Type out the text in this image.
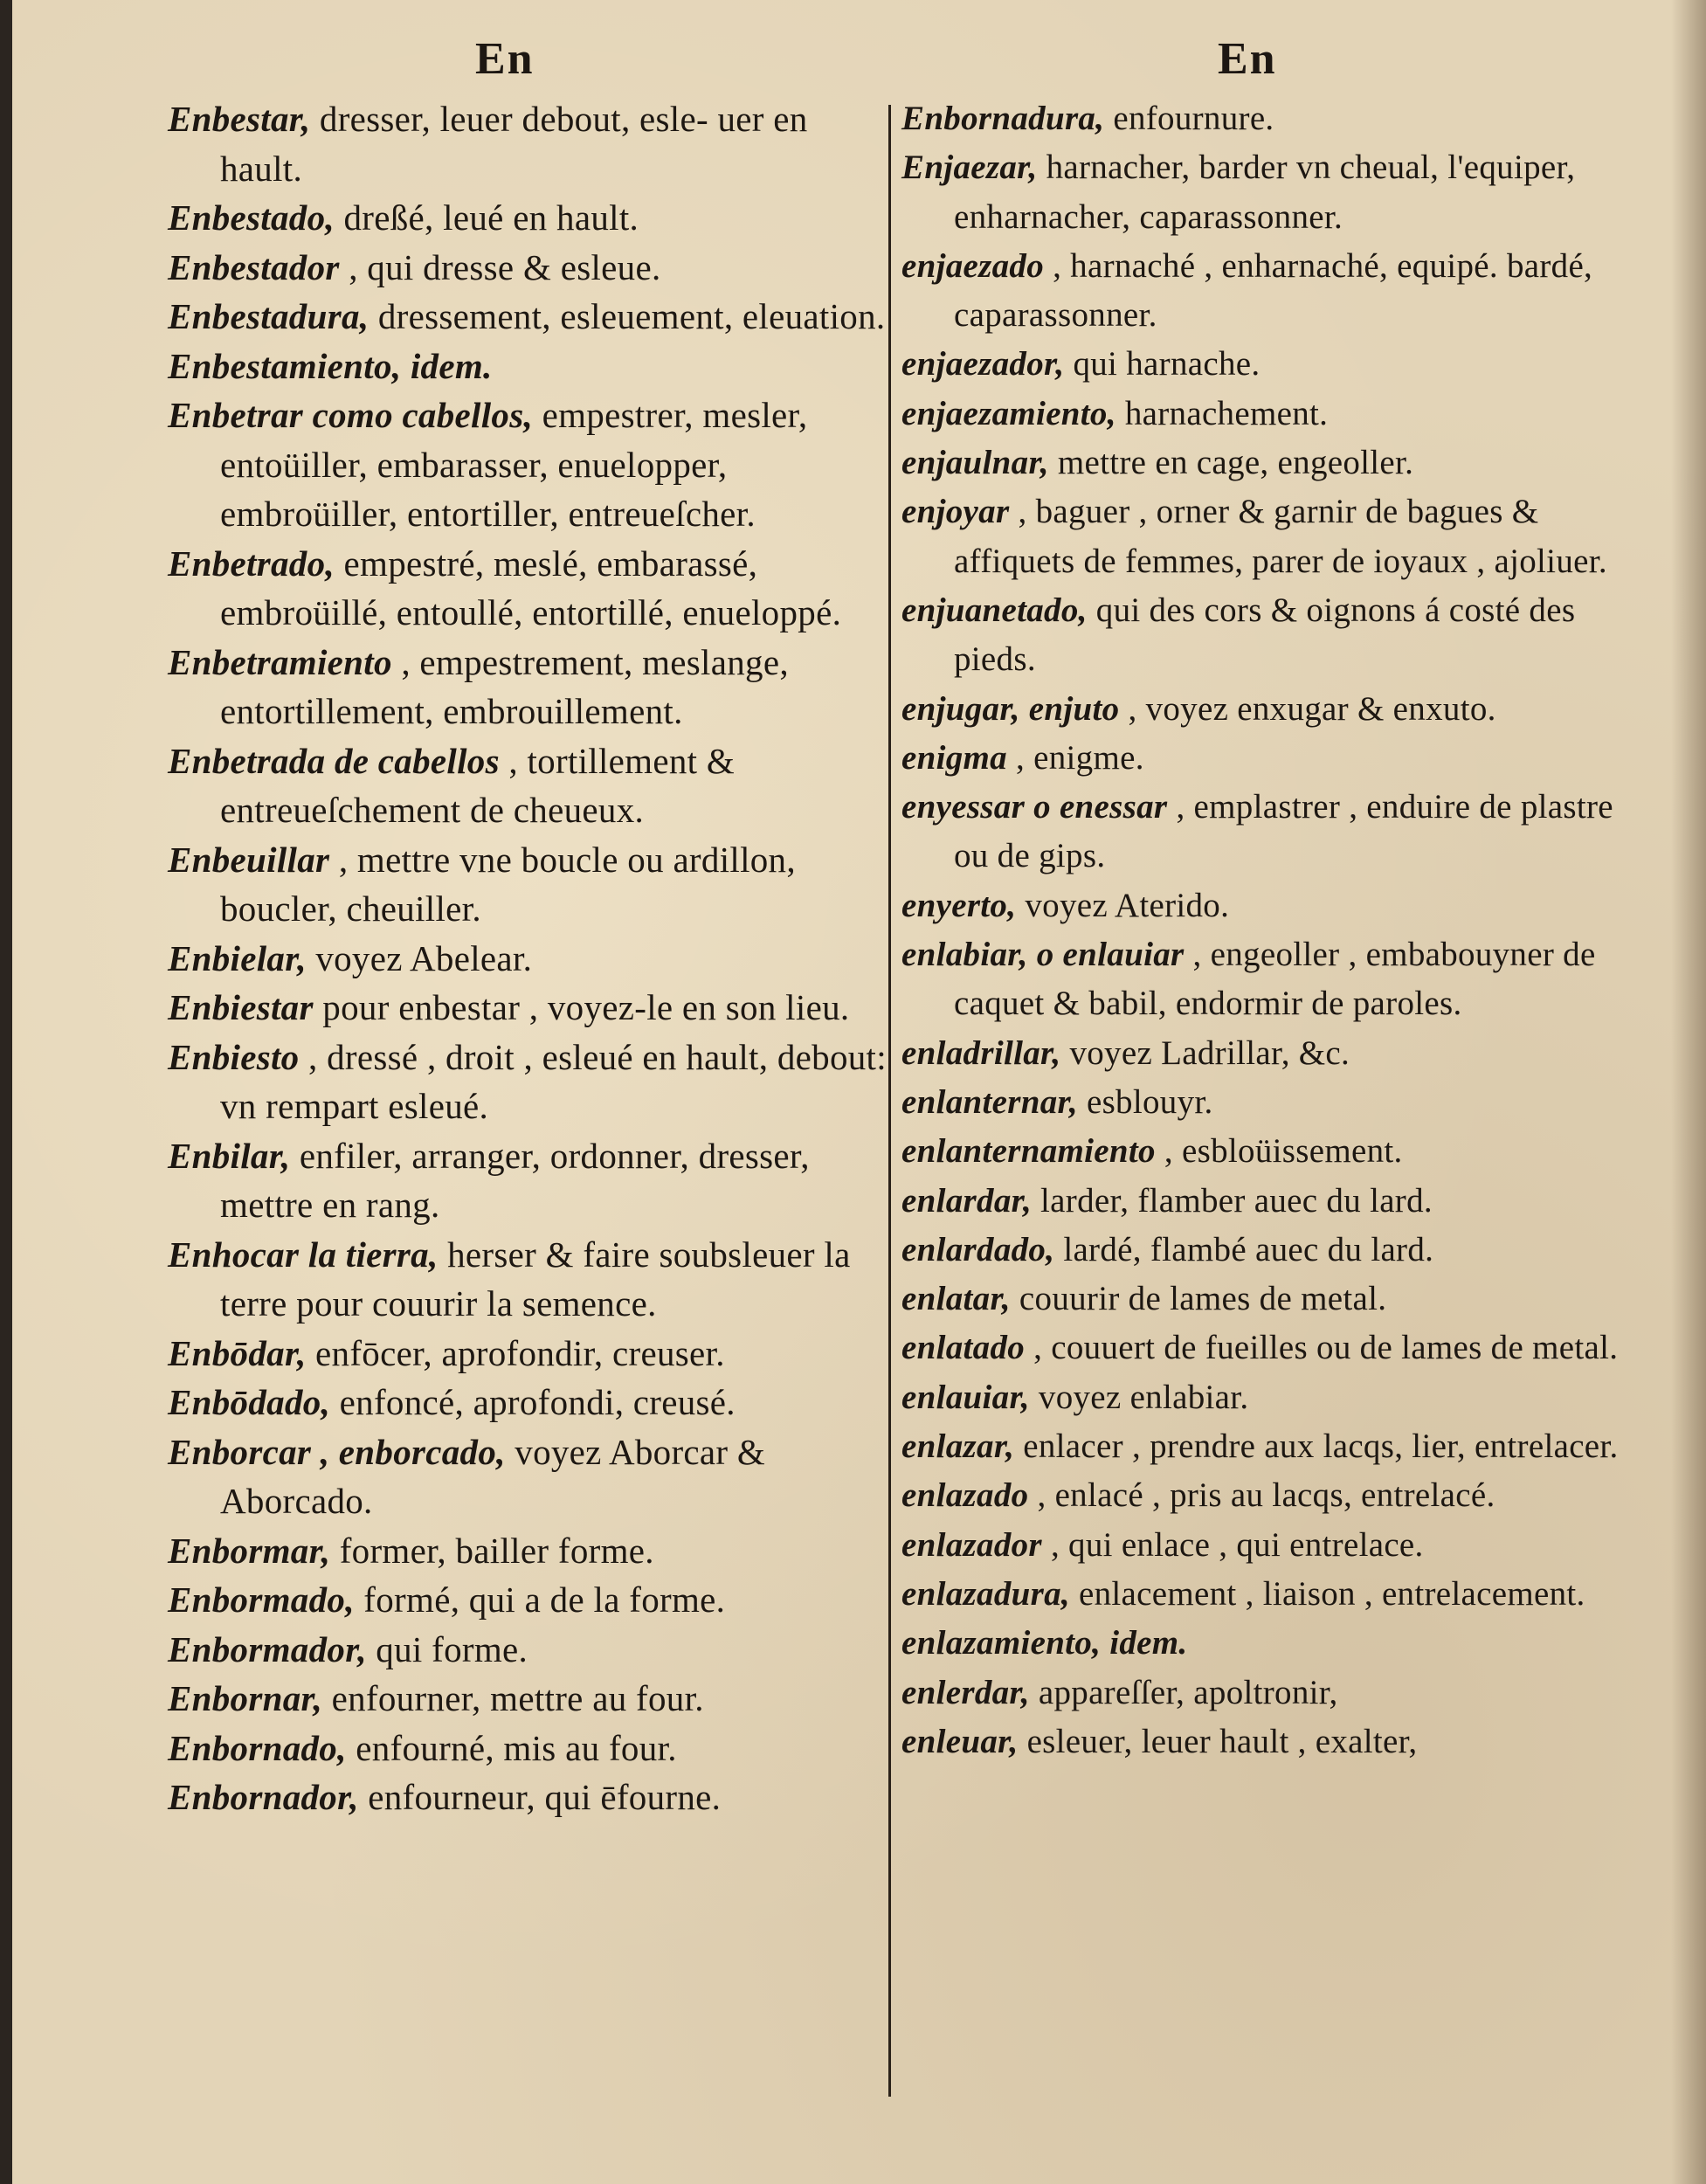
En	En

Enbestar, dresser, leuer debout, esle- uer en hault.

Enbestado, dreßé, leué en hault.

Enbestador , qui dresse & esleue.

Enbestadura, dressement, esleuement, eleuation.

Enbestamiento, idem.

Enbetrar como cabellos, empestrer, mesler, entoüiller, embarasser, enuelopper, embroüiller, entortiller, entreueſcher.

Enbetrado, empestré, meslé, embarassé, embroüillé, entoullé, entortillé, enueloppé.

Enbetramiento , empestrement, meslange, entortillement, embrouillement.

Enbetrada de cabellos , tortillement & entreueſchement de cheueux.

Enbeuillar , mettre vne boucle ou ardillon, boucler, cheuiller.

Enbielar, voyez Abelear.

Enbiestar pour enbestar , voyez-le en son lieu.

Enbiesto , dressé , droit , esleué en hault, debout: vn rempart esleué.

Enbilar, enfiler, arranger, ordonner, dresser, mettre en rang.

Enhocar la tierra, herser & faire soubsleuer la terre pour couurir la semence.

Enbōdar, enfōcer, aprofondir, creuser.

Enbōdado, enfoncé, aprofondi, creusé.

Enborcar , enborcado, voyez Aborcar & Aborcado.

Enbormar, former, bailler forme.

Enbormado, formé, qui a de la forme.

Enbormador, qui forme.

Enbornar, enfourner, mettre au four.

Enbornado, enfourné, mis au four.

Enbornador, enfourneur, qui ēfourne.

Enbornadura, enfournure.

Enjaezar, harnacher, barder vn cheual, l'equiper, enharnacher, caparassonner.

enjaezado , harnaché , enharnaché, equipé. bardé, caparassonner.

enjaezador, qui harnache.

enjaezamiento, harnachement.

enjaulnar, mettre en cage, engeoller.

enjoyar , baguer , orner & garnir de bagues & affiquets de femmes, parer de ioyaux , ajoliuer.

enjuanetado, qui des cors & oignons á costé des pieds.

enjugar, enjuto , voyez enxugar & enxuto.

enigma , enigme.

enyessar o enessar , emplastrer , enduire de plastre ou de gips.

enyerto, voyez Aterido.

enlabiar, o enlauiar , engeoller , embabouyner de caquet & babil, endormir de paroles.

enladrillar, voyez Ladrillar, &c.

enlanternar, esblouyr.

enlanternamiento , esbloüissement.

enlardar, larder, flamber auec du lard.

enlardado, lardé, flambé auec du lard.

enlatar, couurir de lames de metal.

enlatado , couuert de fueilles ou de lames de metal.

enlauiar, voyez enlabiar.

enlazar, enlacer , prendre aux lacqs, lier, entrelacer.

enlazado , enlacé , pris au lacqs, entrelacé.

enlazador , qui enlace , qui entrelace.

enlazadura, enlacement , liaison , entrelacement.

enlazamiento, idem.

enlerdar, appareſſer, apoltronir,

enleuar, esleuer, leuer hault , exalter,
